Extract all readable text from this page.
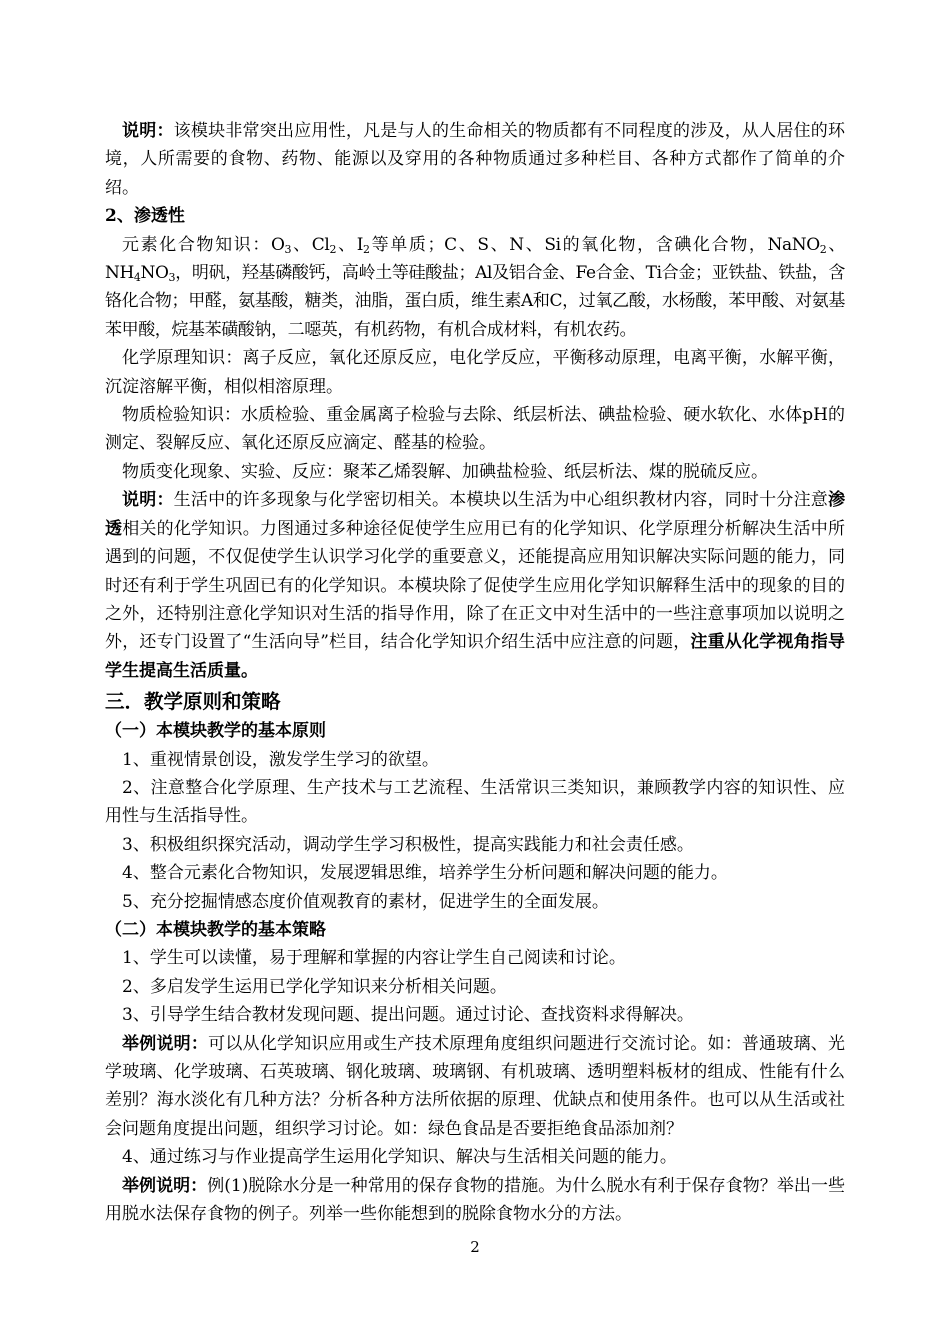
说明：该模块非常突出应用性，凡是与人的生命相关的物质都有不同程度的涉及，从人居住的环境，人所需要的食物、药物、能源以及穿用的各种物质通过多种栏目、各种方式都作了简单的介绍。

2、渗透性

元素化合物知识：$O_3$、$Cl_2$、$I_2$等单质；C、S、N、Si的氧化物，含碘化合物，NaNO$_2$、$NH_4NO_3$，明矾，羟基磷酸钙，高岭土等硅酸盐；Al及铝合金、Fe合金、Ti合金；亚铁盐、铁盐，含铬化合物；甲醛，氨基酸，糖类，油脂，蛋白质，维生素A和C，过氧乙酸，水杨酸，苯甲酸、对氨基苯甲酸，烷基苯磺酸钠，二噁英，有机药物，有机合成材料，有机农药。

化学原理知识：离子反应，氧化还原反应，电化学反应，平衡移动原理，电离平衡，水解平衡，沉淀溶解平衡，相似相溶原理。

物质检验知识：水质检验、重金属离子检验与去除、纸层析法、碘盐检验、硬水软化、水体pH的测定、裂解反应、氧化还原反应滴定、醛基的检验。

物质变化现象、实验、反应：聚苯乙烯裂解、加碘盐检验、纸层析法、煤的脱硫反应。

说明：生活中的许多现象与化学密切相关。本模块以生活为中心组织教材内容，同时十分注意渗透相关的化学知识。力图通过多种途径促使学生应用已有的化学知识、化学原理分析解决生活中所遇到的问题，不仅促使学生认识学习化学的重要意义，还能提高应用知识解决实际问题的能力，同时还有利于学生巩固已有的化学知识。本模块除了促使学生应用化学知识解释生活中的现象的目的之外，还特别注意化学知识对生活的指导作用，除了在正文中对生活中的一些注意事项加以说明之外，还专门设置了“生活向导”栏目，结合化学知识介绍生活中应注意的问题，注重从化学视角指导学生提高生活质量。

三．教学原则和策略
（一）本模块教学的基本原则

1、重视情景创设，激发学生学习的欲望。

2、注意整合化学原理、生产技术与工艺流程、生活常识三类知识，兼顾教学内容的知识性、应用性与生活指导性。

3、积极组织探究活动，调动学生学习积极性，提高实践能力和社会责任感。

4、整合元素化合物知识，发展逻辑思维，培养学生分析问题和解决问题的能力。

5、充分挖掘情感态度价值观教育的素材，促进学生的全面发展。

（二）本模块教学的基本策略

1、学生可以读懂，易于理解和掌握的内容让学生自己阅读和讨论。

2、多启发学生运用已学化学知识来分析相关问题。

3、引导学生结合教材发现问题、提出问题。通过讨论、查找资料求得解决。

举例说明：可以从化学知识应用或生产技术原理角度组织问题进行交流讨论。如：普通玻璃、光学玻璃、化学玻璃、石英玻璃、钢化玻璃、玻璃钢、有机玻璃、透明塑料板材的组成、性能有什么差别？海水淡化有几种方法？分析各种方法所依据的原理、优缺点和使用条件。也可以从生活或社会问题角度提出问题，组织学习讨论。如：绿色食品是否要拒绝食品添加剂？

4、通过练习与作业提高学生运用化学知识、解决与生活相关问题的能力。

举例说明：例(1)脱除水分是一种常用的保存食物的措施。为什么脱水有利于保存食物？举出一些用脱水法保存食物的例子。列举一些你能想到的脱除食物水分的方法。

2
